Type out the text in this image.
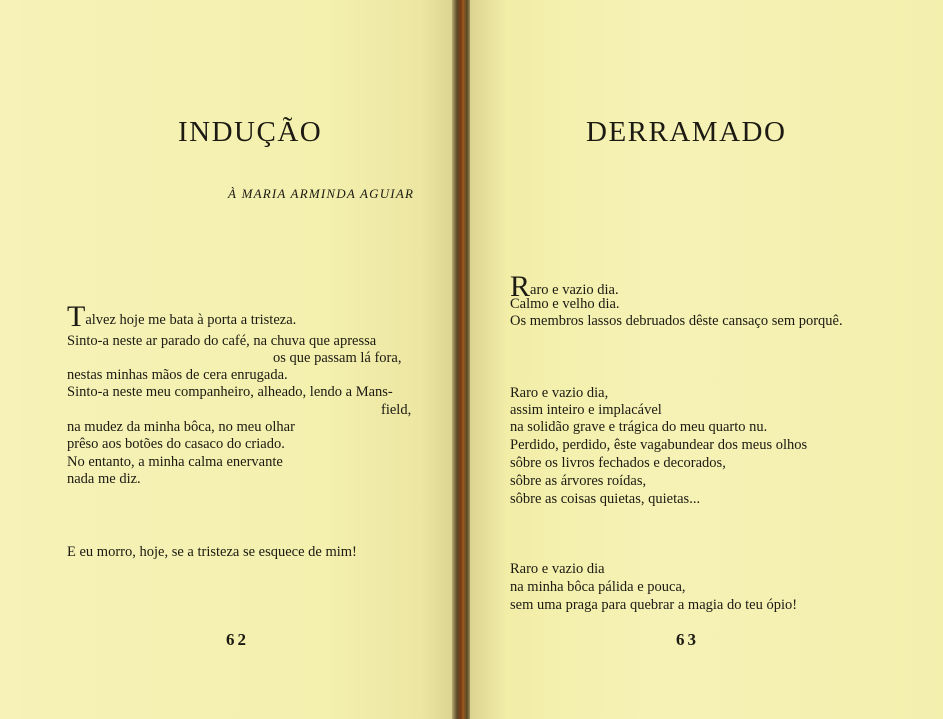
INDUÇÃO
À MARIA ARMINDA AGUIAR
Talvez hoje me bata à porta a tristeza.
Sinto-a neste ar parado do café, na chuva que apressa
os que passam lá fora,
nestas minhas mãos de cera enrugada.
Sinto-a neste meu companheiro, alheado, lendo a Mans-
field,
na mudez da minha bôca, no meu olhar
prêso aos botões do casaco do criado.
No entanto, a minha calma enervante
nada me diz.
E eu morro, hoje, se a tristeza se esquece de mim!
62
DERRAMADO
Raro e vazio dia.
Calmo e velho dia.
Os membros lassos debruados dêste cansaço sem porquê.
Raro e vazio dia,
assim inteiro e implacável
na solidão grave e trágica do meu quarto nu.
Perdido, perdido, êste vagabundear dos meus olhos
sôbre os livros fechados e decorados,
sôbre as árvores roídas,
sôbre as coisas quietas, quietas...
Raro e vazio dia
na minha bôca pálida e pouca,
sem uma praga para quebrar a magia do teu ópio!
63
